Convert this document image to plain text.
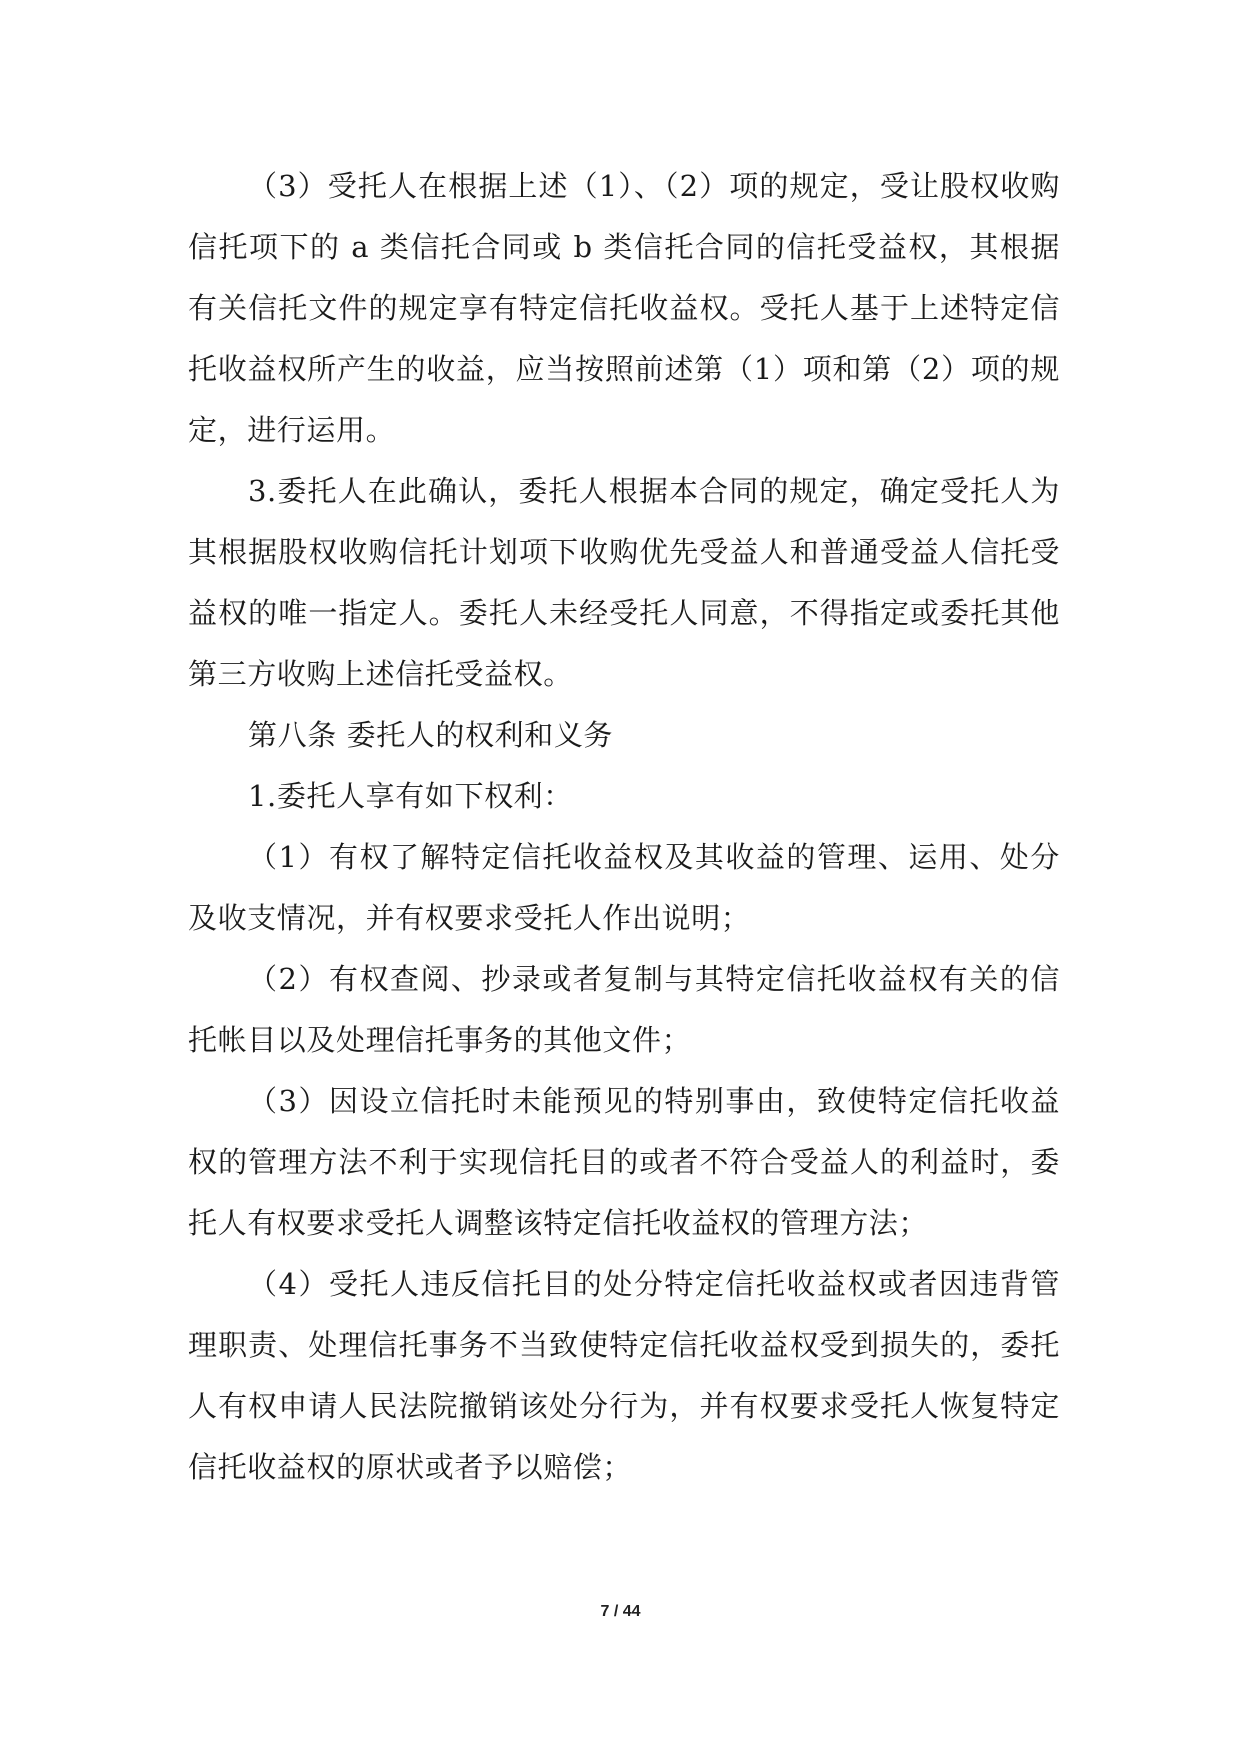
（3）受托人在根据上述（1）、（2）项的规定，受让股权收购信托项下的 a 类信托合同或 b 类信托合同的信托受益权，其根据有关信托文件的规定享有特定信托收益权。受托人基于上述特定信托收益权所产生的收益，应当按照前述第（1）项和第（2）项的规定，进行运用。

3.委托人在此确认，委托人根据本合同的规定，确定受托人为其根据股权收购信托计划项下收购优先受益人和普通受益人信托受益权的唯一指定人。委托人未经受托人同意，不得指定或委托其他第三方收购上述信托受益权。

第八条 委托人的权利和义务

1.委托人享有如下权利：

（1）有权了解特定信托收益权及其收益的管理、运用、处分及收支情况，并有权要求受托人作出说明；

（2）有权查阅、抄录或者复制与其特定信托收益权有关的信托帐目以及处理信托事务的其他文件；

（3）因设立信托时未能预见的特别事由，致使特定信托收益权的管理方法不利于实现信托目的或者不符合受益人的利益时，委托人有权要求受托人调整该特定信托收益权的管理方法；

（4）受托人违反信托目的处分特定信托收益权或者因违背管理职责、处理信托事务不当致使特定信托收益权受到损失的，委托人有权申请人民法院撤销该处分行为，并有权要求受托人恢复特定信托收益权的原状或者予以赔偿；

7 / 44
